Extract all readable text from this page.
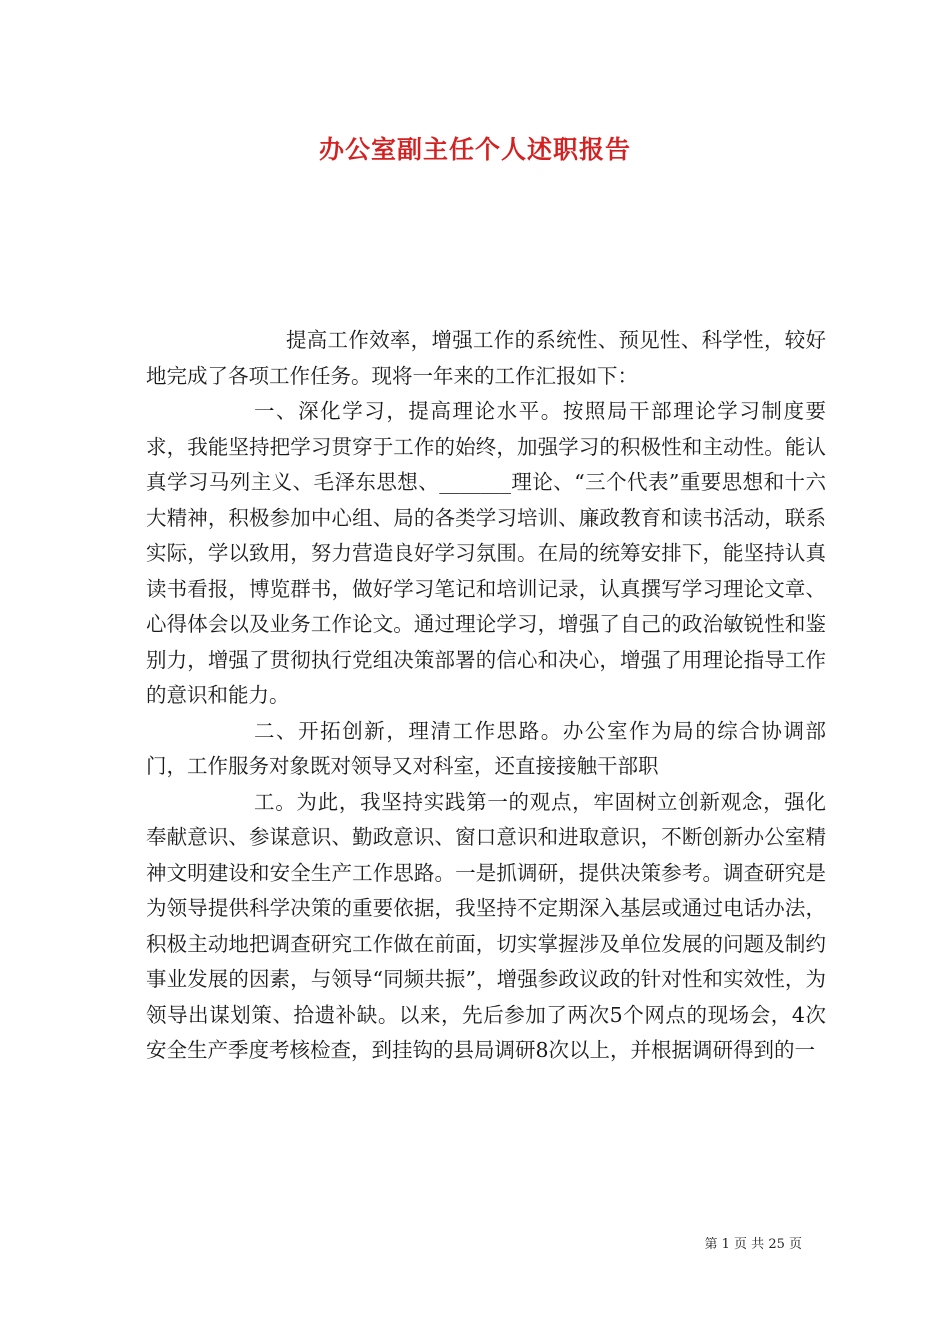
办公室副主任个人述职报告

提高工作效率，增强工作的系统性、预见性、科学性，较好地完成了各项工作任务。现将一年来的工作汇报如下：

一、深化学习，提高理论水平。按照局干部理论学习制度要求，我能坚持把学习贯穿于工作的始终，加强学习的积极性和主动性。能认真学习马列主义、毛泽东思想、_______理论、“三个代表”重要思想和十六大精神，积极参加中心组、局的各类学习培训、廉政教育和读书活动，联系实际，学以致用，努力营造良好学习氛围。在局的统筹安排下，能坚持认真读书看报，博览群书，做好学习笔记和培训记录，认真撰写学习理论文章、心得体会以及业务工作论文。通过理论学习，增强了自己的政治敏锐性和鉴别力，增强了贯彻执行党组决策部署的信心和决心，增强了用理论指导工作的意识和能力。

二、开拓创新，理清工作思路。办公室作为局的综合协调部门，工作服务对象既对领导又对科室，还直接接触干部职

工。为此，我坚持实践第一的观点，牢固树立创新观念，强化奉献意识、参谋意识、勤政意识、窗口意识和进取意识，不断创新办公室精神文明建设和安全生产工作思路。一是抓调研，提供决策参考。调查研究是为领导提供科学决策的重要依据，我坚持不定期深入基层或通过电话办法，积极主动地把调查研究工作做在前面，切实掌握涉及单位发展的问题及制约事业发展的因素，与领导“同频共振”，增强参政议政的针对性和实效性，为领导出谋划策、拾遗补缺。以来，先后参加了两次5个网点的现场会，4次安全生产季度考核检查，到挂钩的县局调研8次以上，并根据调研得到的一

第 1 页 共 25 页
